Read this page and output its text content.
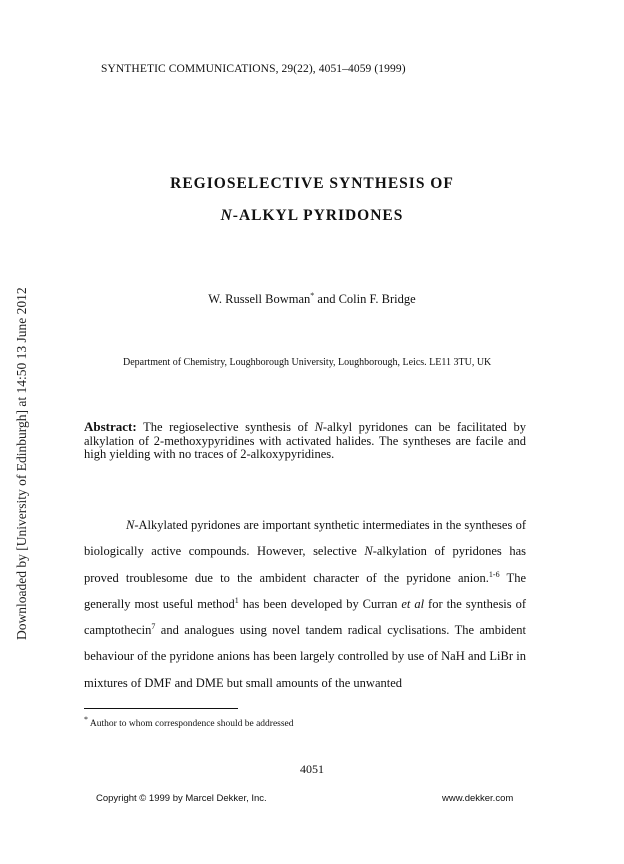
Downloaded by [University of Edinburgh] at 14:50 13 June 2012
SYNTHETIC COMMUNICATIONS, 29(22), 4051–4059 (1999)
REGIOSELECTIVE SYNTHESIS OF
N-ALKYL PYRIDONES
W. Russell Bowman* and Colin F. Bridge
Department of Chemistry, Loughborough University, Loughborough, Leics. LE11 3TU, UK
Abstract: The regioselective synthesis of N-alkyl pyridones can be facilitated by alkylation of 2-methoxypyridines with activated halides. The syntheses are facile and high yielding with no traces of 2-alkoxypyridines.

N-Alkylated pyridones are important synthetic intermediates in the syntheses of biologically active compounds. However, selective N-alkylation of pyridones has proved troublesome due to the ambident character of the pyridone anion.$^{1-6}$ The generally most useful method$^1$ has been developed by Curran et al for the synthesis of camptothecin$^7$ and analogues using novel tandem radical cyclisations. The ambident behaviour of the pyridone anions has been largely controlled by use of NaH and LiBr in mixtures of DMF and DME but small amounts of the unwanted

* Author to whom correspondence should be addressed
4051
Copyright © 1999 by Marcel Dekker, Inc.	www.dekker.com
